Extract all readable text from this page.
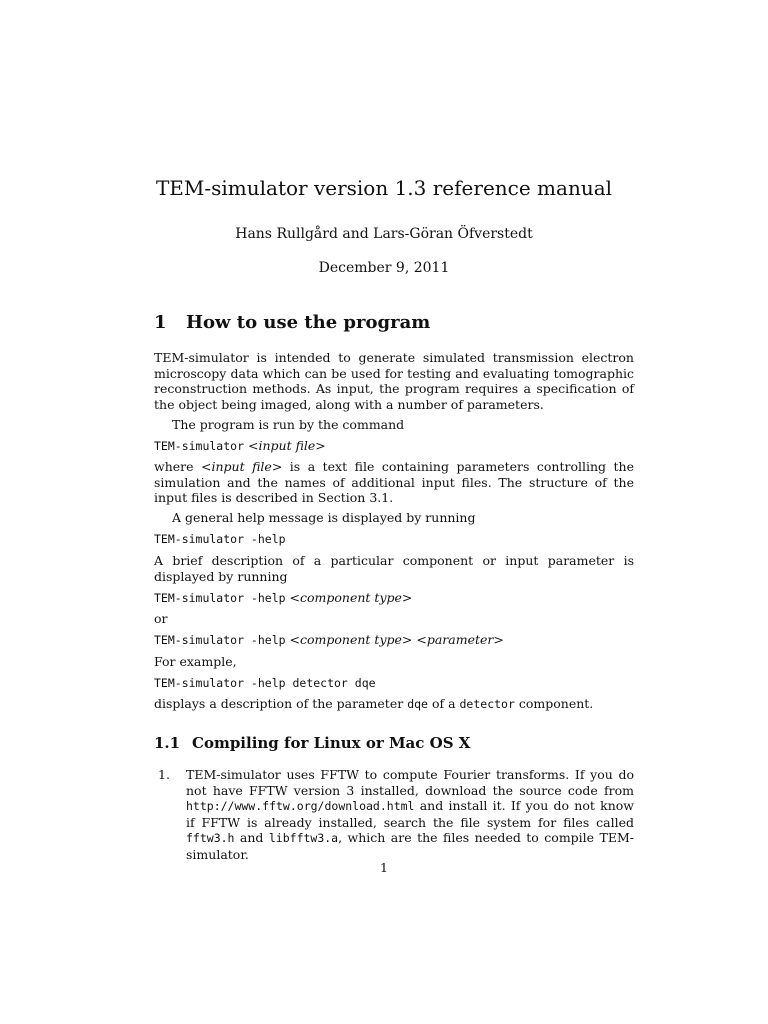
TEM-simulator version 1.3 reference manual
Hans Rullgård and Lars-Göran Öfverstedt
December 9, 2011
1 How to use the program

TEM-simulator is intended to generate simulated transmission electron microscopy data which can be used for testing and evaluating tomographic reconstruction methods. As input, the program requires a specification of the object being imaged, along with a number of parameters.

The program is run by the command

TEM-simulator <input file>

where <input file> is a text file containing parameters controlling the simulation and the names of additional input files. The structure of the input files is described in Section 3.1.

A general help message is displayed by running

TEM-simulator -help

A brief description of a particular component or input parameter is displayed by running

TEM-simulator -help <component type>

or

TEM-simulator -help <component type> <parameter>

For example,

TEM-simulator -help detector dqe

displays a description of the parameter dqe of a detector component.

1.1 Compiling for Linux or Mac OS X
1. TEM-simulator uses FFTW to compute Fourier transforms. If you do not have FFTW version 3 installed, download the source code from http://www.fftw.org/download.html and install it. If you do not know if FFTW is already installed, search the file system for files called fftw3.h and libfftw3.a, which are the files needed to compile TEM-simulator.

1
